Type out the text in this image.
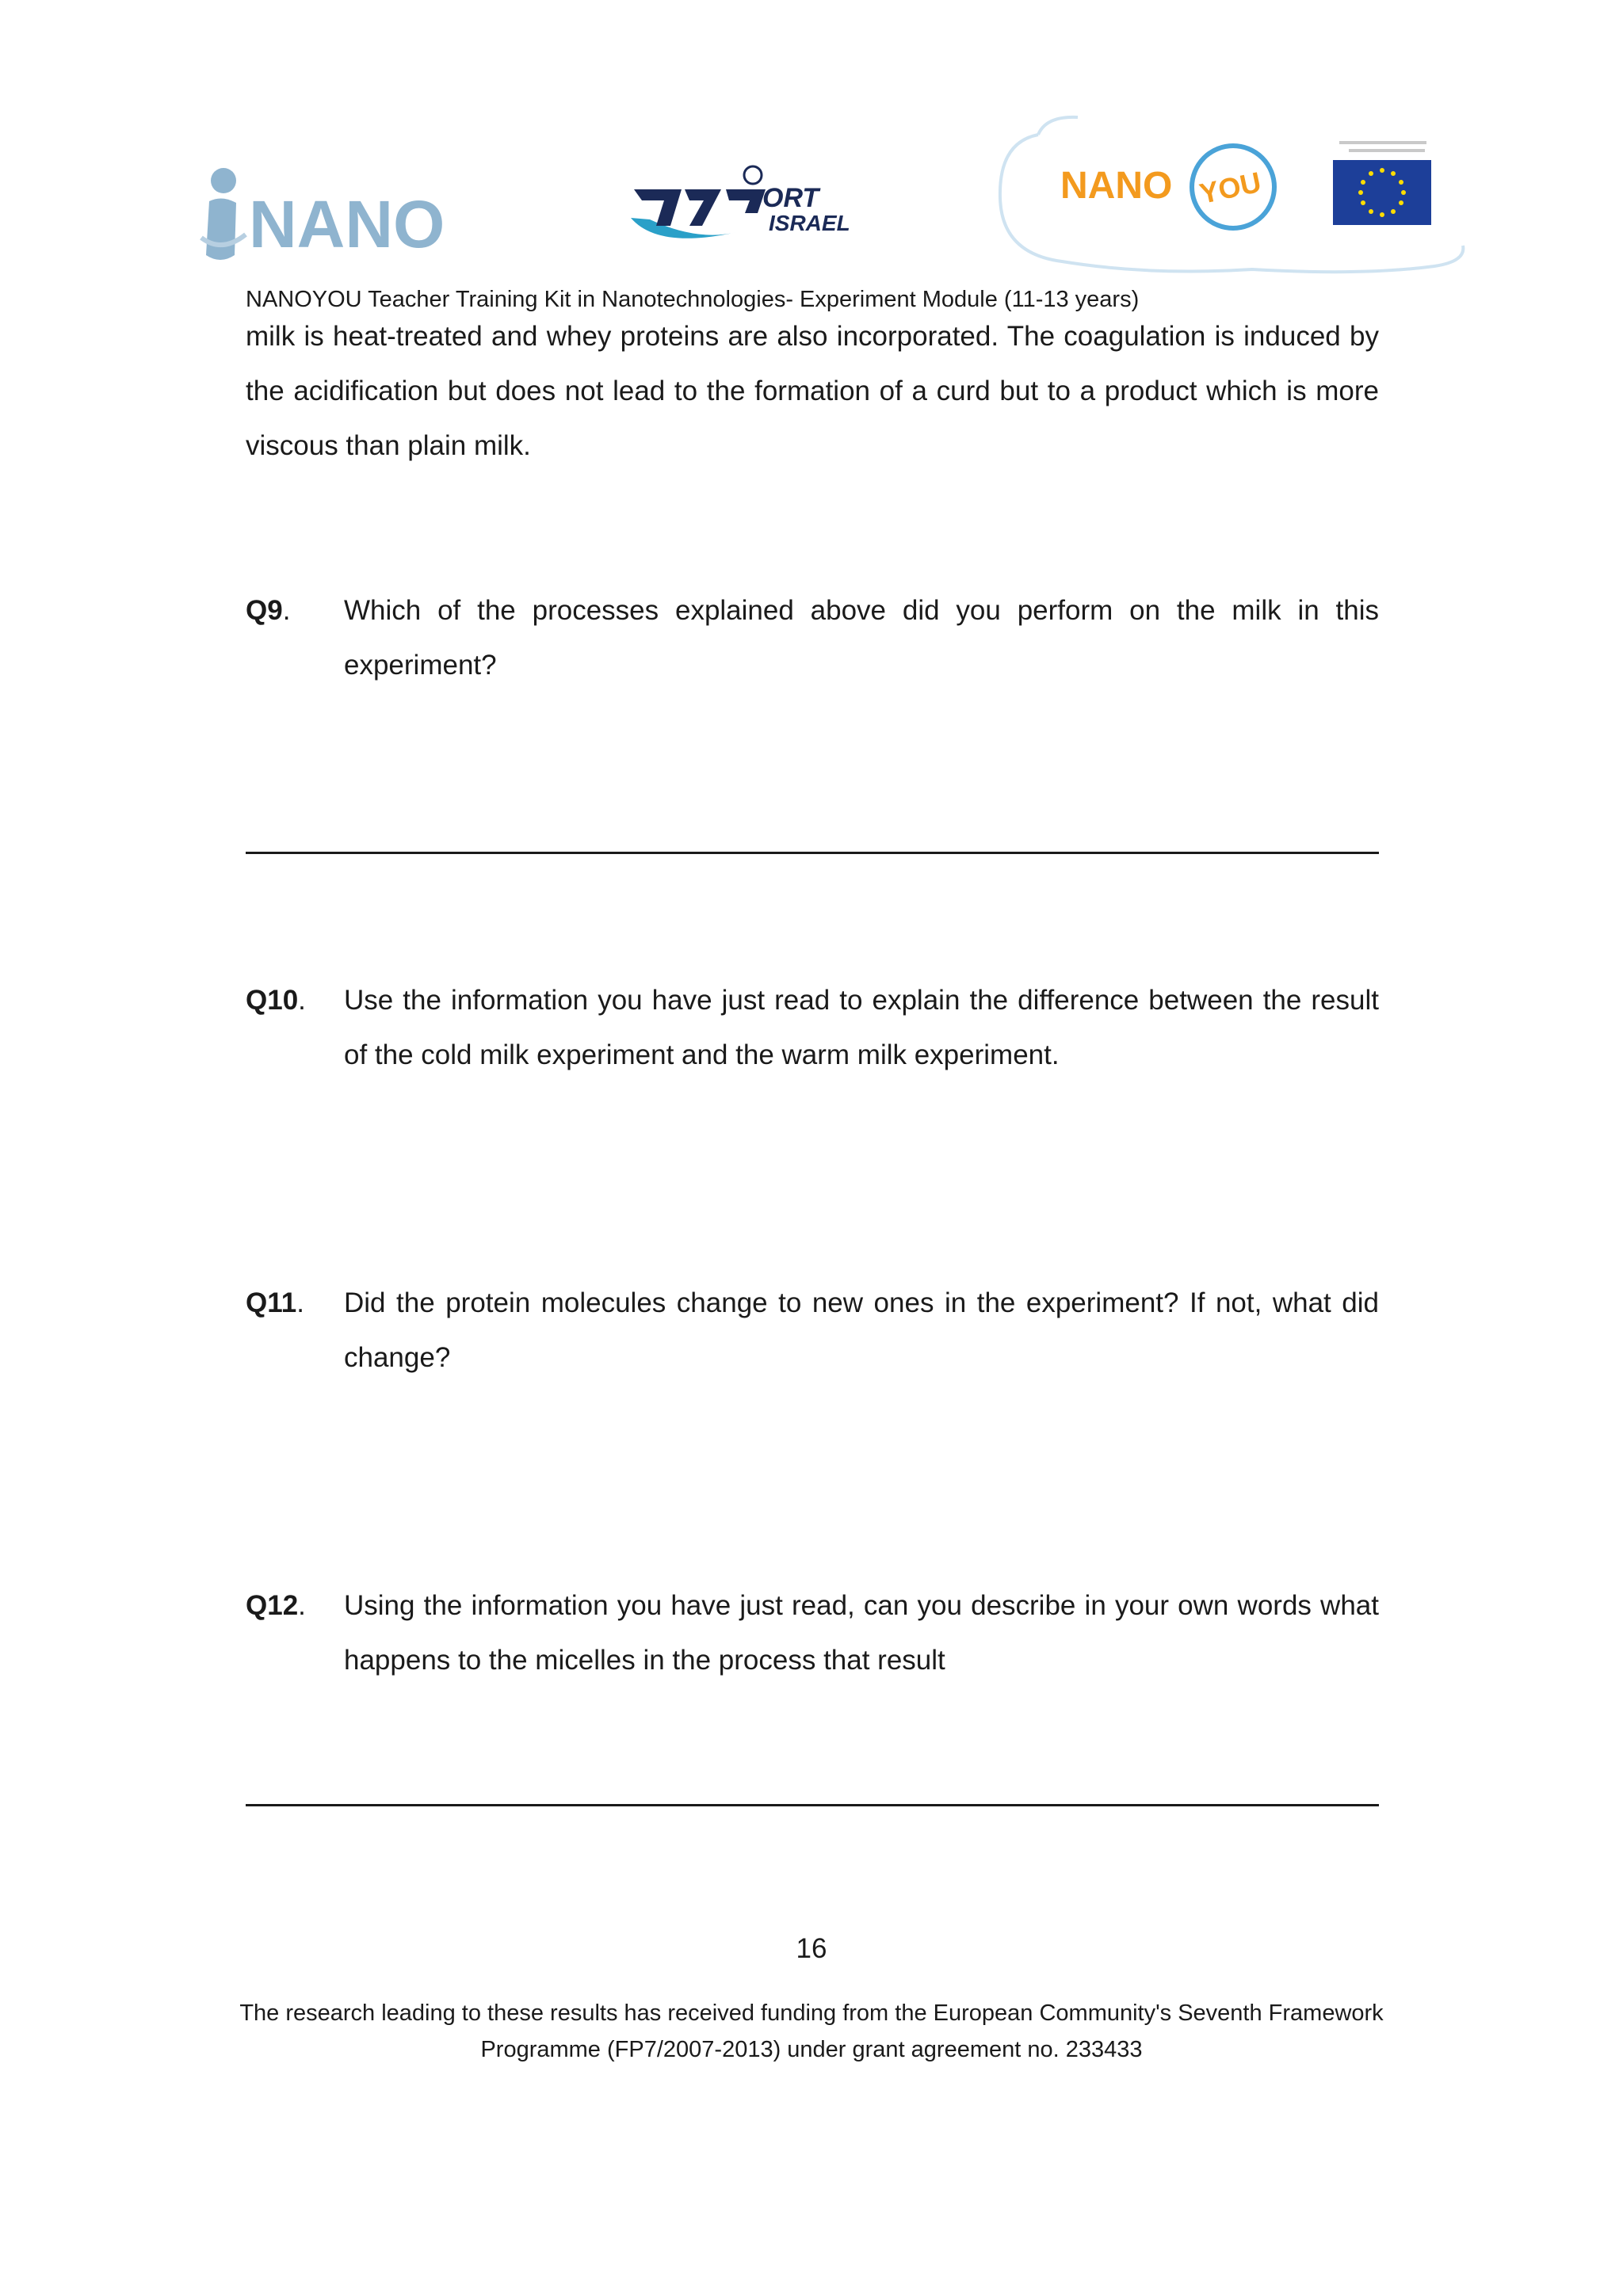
NANO	ORT
ISRAEL
NANO YOU
NANOYOU Teacher Training Kit in Nanotechnologies- Experiment Module (11-13 years)
milk is heat-treated and whey proteins are also incorporated. The coagulation is induced by
the acidification but does not lead to the formation of a curd but to a product which is more
viscous than plain milk.
Q9. Which of the processes explained above did you perform on the milk in this
experiment?
Q10. Use the information you have just read to explain the difference between the result
of the cold milk experiment and the warm milk experiment.
Q11. Did the protein molecules change to new ones in the experiment? If not, what did
change?
Q12. Using the information you have just read, can you describe in your own words what
happens to the micelles in the process that result
16
The research leading to these results has received funding from the European Community's Seventh Framework
Programme (FP7/2007-2013) under grant agreement no. 233433
